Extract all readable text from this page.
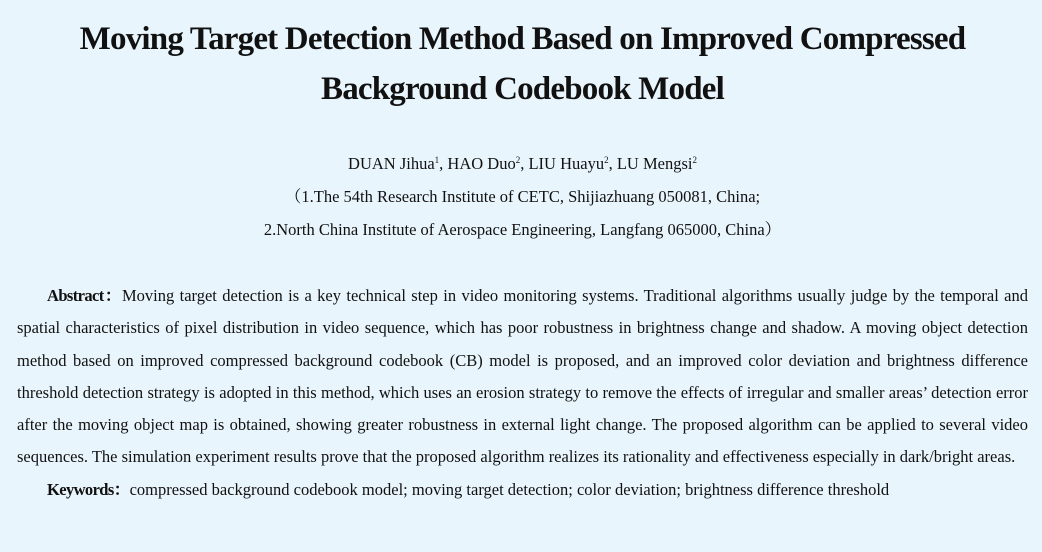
Moving Target Detection Method Based on Improved Compressed
Background Codebook Model
DUAN Jihua$^1$, HAO Duo$^2$, LIU Huayu$^2$, LU Mengsi$^2$
（1.The 54th Research Institute of CETC, Shijiazhuang 050081, China;
2.North China Institute of Aerospace Engineering, Langfang 065000, China）
Abstract：Moving target detection is a key technical step in video monitoring systems. Traditional algorithms usually judge by the temporal and spatial characteristics of pixel distribution in video sequence, which has poor robustness in brightness change and shadow. A moving object detection method based on improved compressed background codebook (CB) model is proposed, and an improved color deviation and brightness difference threshold detection strategy is adopted in this method, which uses an erosion strategy to remove the effects of irregular and smaller areas’ detection error after the moving object map is obtained, showing greater robustness in external light change. The proposed algorithm can be applied to several video sequences. The simulation experiment results prove that the proposed algorithm realizes its rationality and effectiveness especially in dark/bright areas.
Keywords：compressed background codebook model; moving target detection; color deviation; brightness difference threshold
